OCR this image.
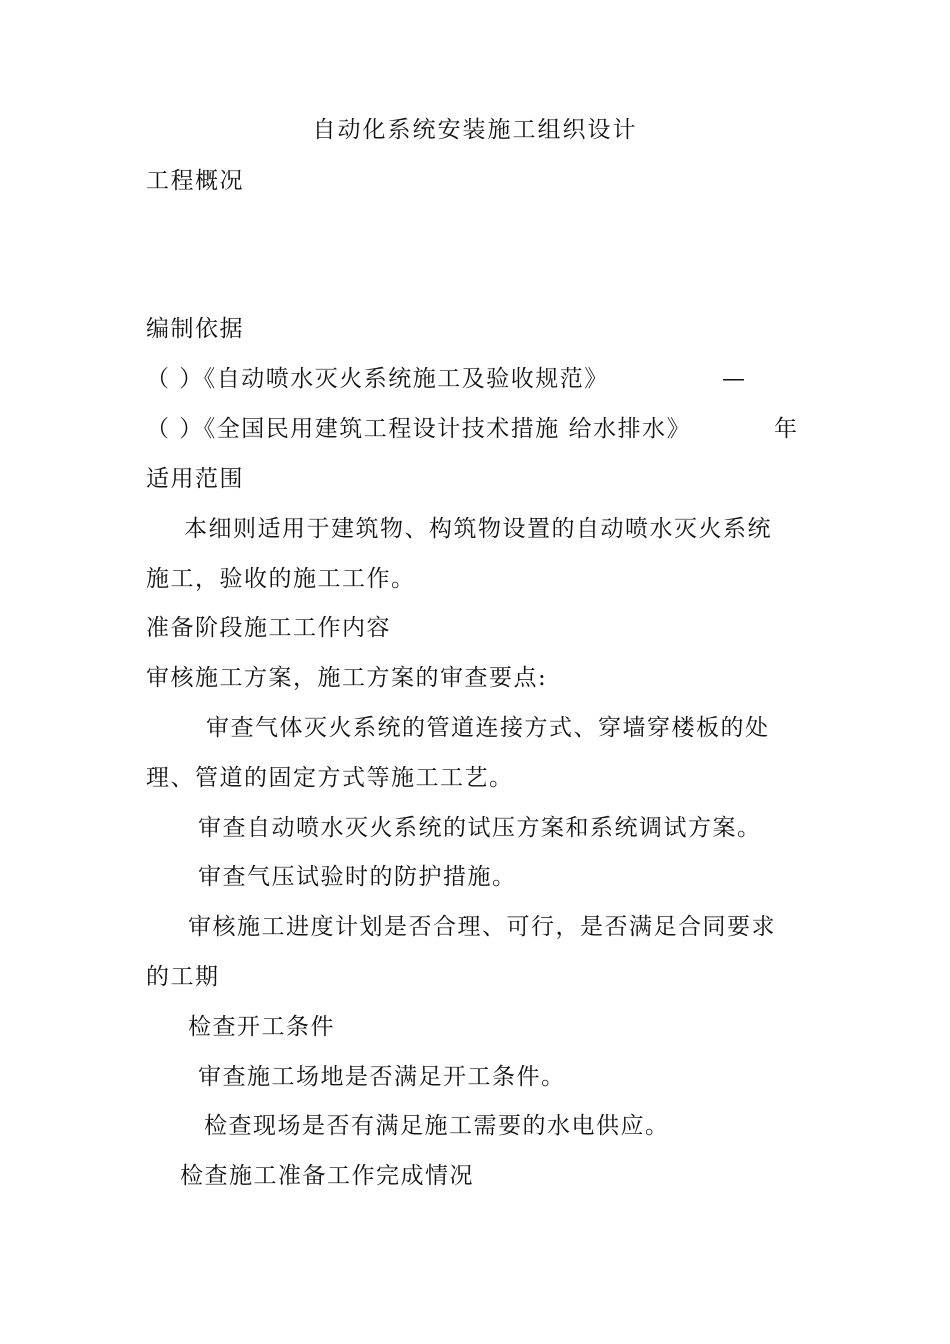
自动化系统安装施工组织设计
工程概况
编制依据
（ ）《自动喷水灭火系统施工及验收规范》	—
（ ）《全国民用建筑工程设计技术措施 给水排水》	年
适用范围
本细则适用于建筑物、构筑物设置的自动喷水灭火系统
施工，验收的施工工作。
准备阶段施工工作内容
审核施工方案，施工方案的审查要点:
审查气体灭火系统的管道连接方式、穿墙穿楼板的处
理、管道的固定方式等施工工艺。
审查自动喷水灭火系统的试压方案和系统调试方案。
审查气压试验时的防护措施。
审核施工进度计划是否合理、可行，是否满足合同要求
的工期
检查开工条件
审查施工场地是否满足开工条件。
检查现场是否有满足施工需要的水电供应。
检查施工准备工作完成情况
